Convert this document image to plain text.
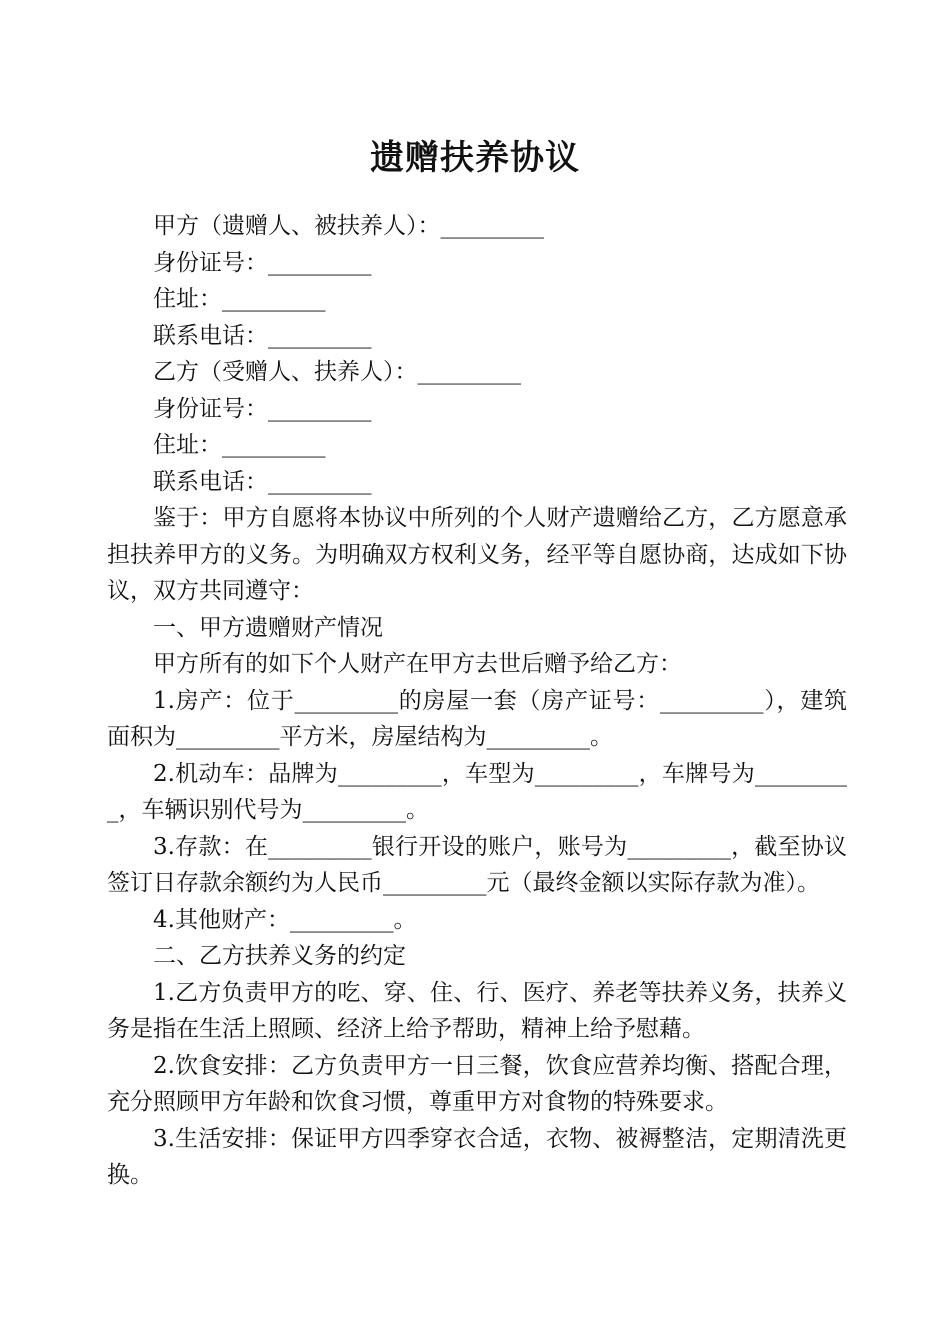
遗赠扶养协议

甲方（遗赠人、被扶养人）：_________

身份证号：_________

住址：_________

联系电话：_________

乙方（受赠人、扶养人）：_________

身份证号：_________

住址：_________

联系电话：_________

鉴于：甲方自愿将本协议中所列的个人财产遗赠给乙方，乙方愿意承担扶养甲方的义务。为明确双方权利义务，经平等自愿协商，达成如下协议，双方共同遵守：

一、甲方遗赠财产情况

甲方所有的如下个人财产在甲方去世后赠予给乙方：

1.房产：位于_________的房屋一套（房产证号：_________），建筑面积为_________平方米，房屋结构为_________。

2.机动车：品牌为_________，车型为_________，车牌号为_________，车辆识别代号为_________。

3.存款：在_________银行开设的账户，账号为_________，截至协议签订日存款余额约为人民币_________元（最终金额以实际存款为准）。

4.其他财产：_________。

二、乙方扶养义务的约定

1.乙方负责甲方的吃、穿、住、行、医疗、养老等扶养义务，扶养义务是指在生活上照顾、经济上给予帮助，精神上给予慰藉。

2.饮食安排：乙方负责甲方一日三餐，饮食应营养均衡、搭配合理，充分照顾甲方年龄和饮食习惯，尊重甲方对食物的特殊要求。

3.生活安排：保证甲方四季穿衣合适，衣物、被褥整洁，定期清洗更换。
